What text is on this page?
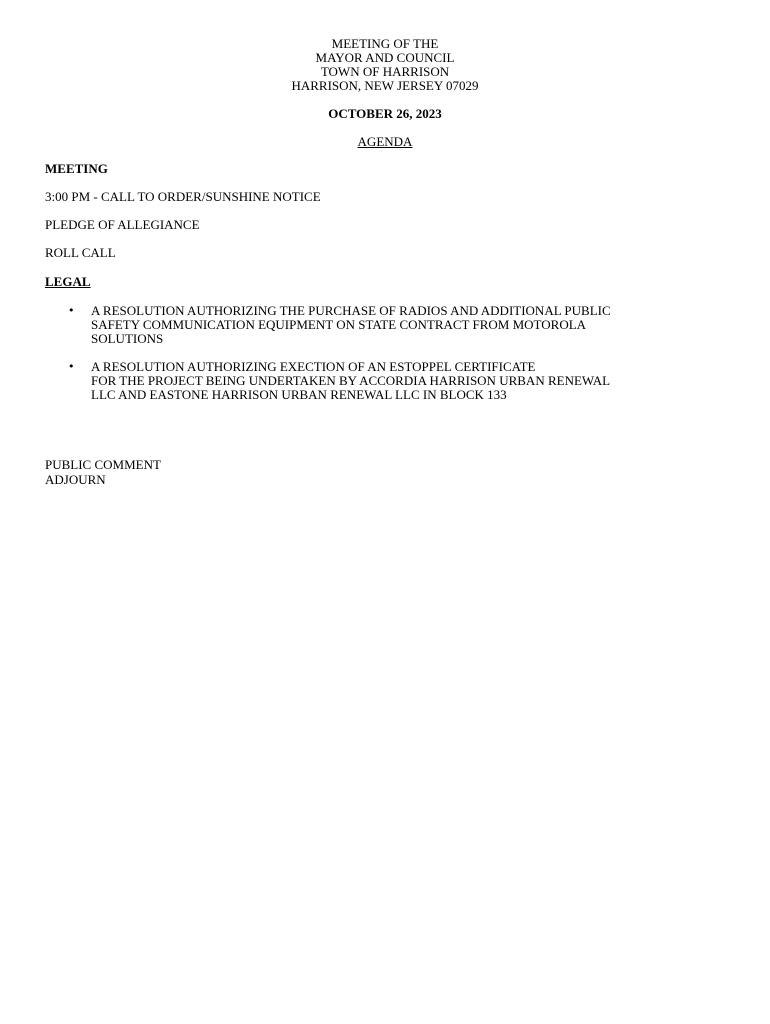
MEETING OF THE
MAYOR AND COUNCIL
TOWN OF HARRISON
HARRISON, NEW JERSEY 07029
OCTOBER 26, 2023
AGENDA
MEETING
3:00 PM - CALL TO ORDER/SUNSHINE NOTICE
PLEDGE OF ALLEGIANCE
ROLL CALL
LEGAL
• A RESOLUTION AUTHORIZING THE PURCHASE OF RADIOS AND ADDITIONAL PUBLIC
SAFETY COMMUNICATION EQUIPMENT ON STATE CONTRACT FROM MOTOROLA
SOLUTIONS
• A RESOLUTION AUTHORIZING EXECTION OF AN ESTOPPEL CERTIFICATE
FOR THE PROJECT BEING UNDERTAKEN BY ACCORDIA HARRISON URBAN RENEWAL
LLC AND EASTONE HARRISON URBAN RENEWAL LLC IN BLOCK 133
PUBLIC COMMENT
ADJOURN
